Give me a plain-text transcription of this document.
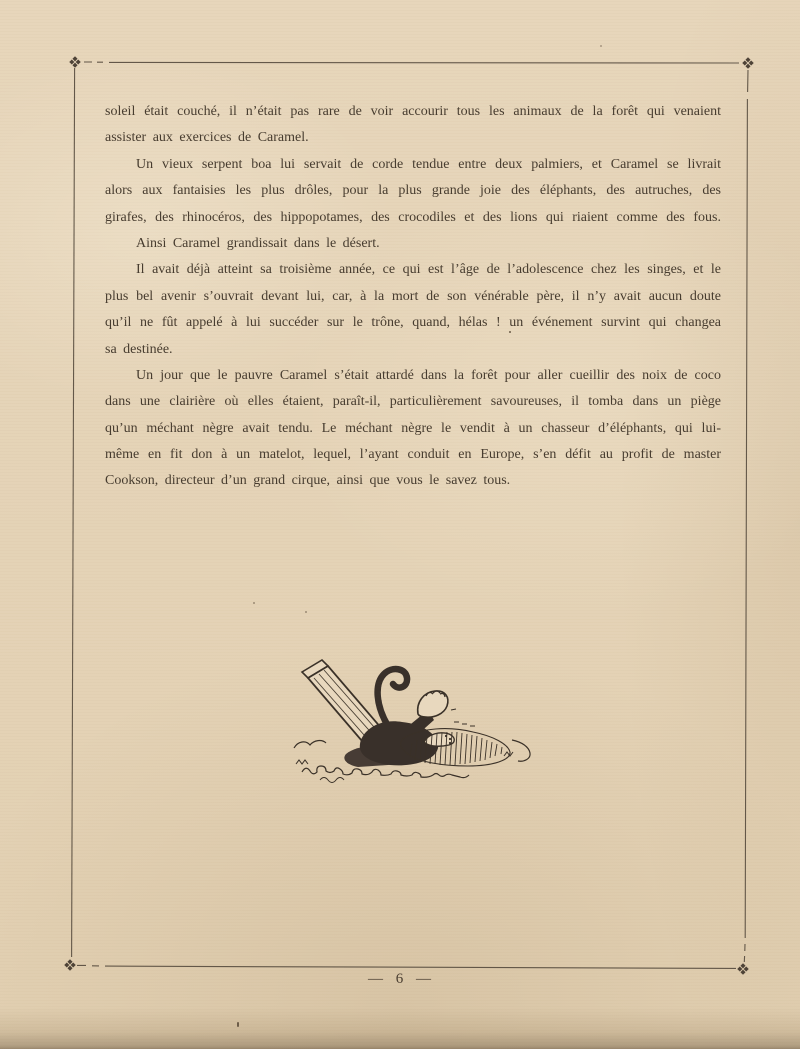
soleil était couché, il n’était pas rare de voir accourir tous les animaux de la forêt qui venaient
assister aux exercices de Caramel.
Un vieux serpent boa lui servait de corde tendue entre deux palmiers, et Caramel se livrait
alors aux fantaisies les plus drôles, pour la plus grande joie des éléphants, des autruches, des
girafes, des rhinocéros, des hippopotames, des crocodiles et des lions qui riaient comme des fous.
Ainsi Caramel grandissait dans le désert.
Il avait déjà atteint sa troisième année, ce qui est l’âge de l’adolescence chez les singes, et le
plus bel avenir s’ouvrait devant lui, car, à la mort de son vénérable père, il n’y avait aucun doute
qu’il ne fût appelé à lui succéder sur le trône, quand, hélas ! un événement survint qui changea
sa destinée.
Un jour que le pauvre Caramel s’était attardé dans la forêt pour aller cueillir des noix de coco
dans une clairière où elles étaient, paraît-il, particulièrement savoureuses, il tomba dans un piège
qu’un méchant nègre avait tendu. Le méchant nègre le vendit à un chasseur d’éléphants, qui lui-
même en fit don à un matelot, lequel, l’ayant conduit en Europe, s’en défit au profit de master
Cookson, directeur d’un grand cirque, ainsi que vous le savez tous.
— 6 —
